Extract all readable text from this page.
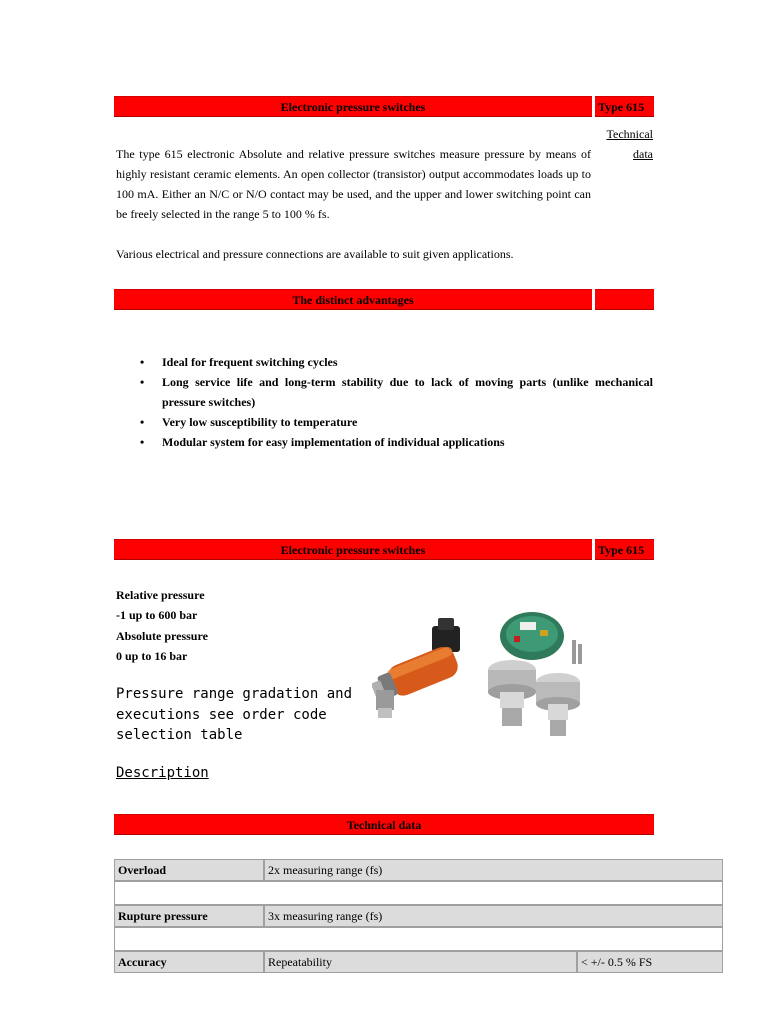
Electronic pressure switches	Type 615
Technical
data
The type 615 electronic Absolute and relative pressure switches measure pressure by means of highly resistant ceramic elements. An open collector (transistor) output accommodates loads up to 100 mA. Either an N/C or N/O contact may be used, and the upper and lower switching point can be freely selected in the range 5 to 100 % fs.
Various electrical and pressure connections are available to suit given applications.
The distinct advantages
• Ideal for frequent switching cycles
• Long service life and long-term stability due to lack of moving parts (unlike mechanical pressure switches)
• Very low susceptibility to temperature
• Modular system for easy implementation of individual applications
Electronic pressure switches	Type 615
Relative pressure
-1 up to 600 bar
Absolute pressure
0 up to 16 bar
Pressure range gradation and executions see order code selection table
Description
Technical data
Overload	2x measuring range (fs)	

Rupture pressure	3x measuring range (fs)	

Accuracy	Repeatability	< +/- 0.5 % FS
